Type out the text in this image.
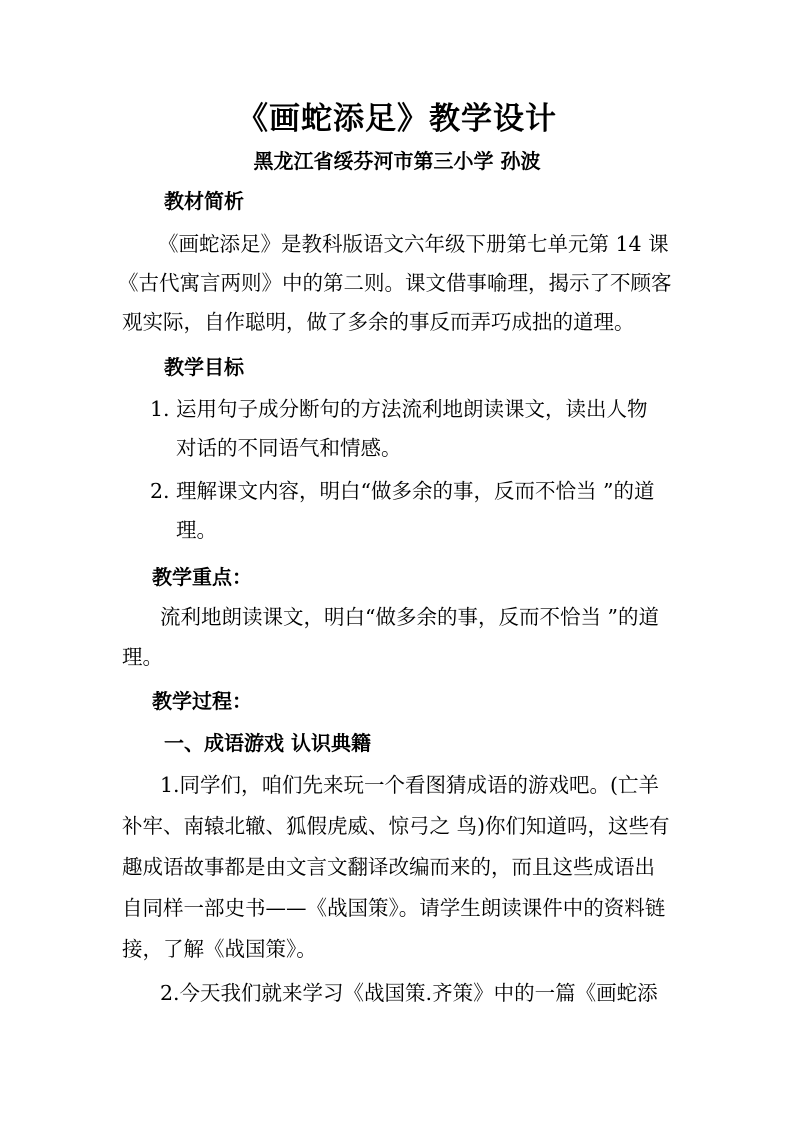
《画蛇添足》教学设计
黑龙江省绥芬河市第三小学 孙波
教材简析
《画蛇添足》是教科版语文六年级下册第七单元第 14 课
《古代寓言两则》中的第二则。课文借事喻理，揭示了不顾客
观实际，自作聪明，做了多余的事反而弄巧成拙的道理。
教学目标
1. 运用句子成分断句的方法流利地朗读课文，读出人物
对话的不同语气和情感。
2. 理解课文内容，明白“做多余的事，反而不恰当 ”的道
理。
教学重点：
流利地朗读课文，明白“做多余的事，反而不恰当 ”的道
理。
教学过程：
一、成语游戏 认识典籍
1.同学们，咱们先来玩一个看图猜成语的游戏吧。(亡羊
补牢、南辕北辙、狐假虎威、惊弓之 鸟)你们知道吗，这些有
趣成语故事都是由文言文翻译改编而来的，而且这些成语出
自同样一部史书——《战国策》。请学生朗读课件中的资料链
接，了解《战国策》。
2.今天我们就来学习《战国策.齐策》中的一篇《画蛇添
